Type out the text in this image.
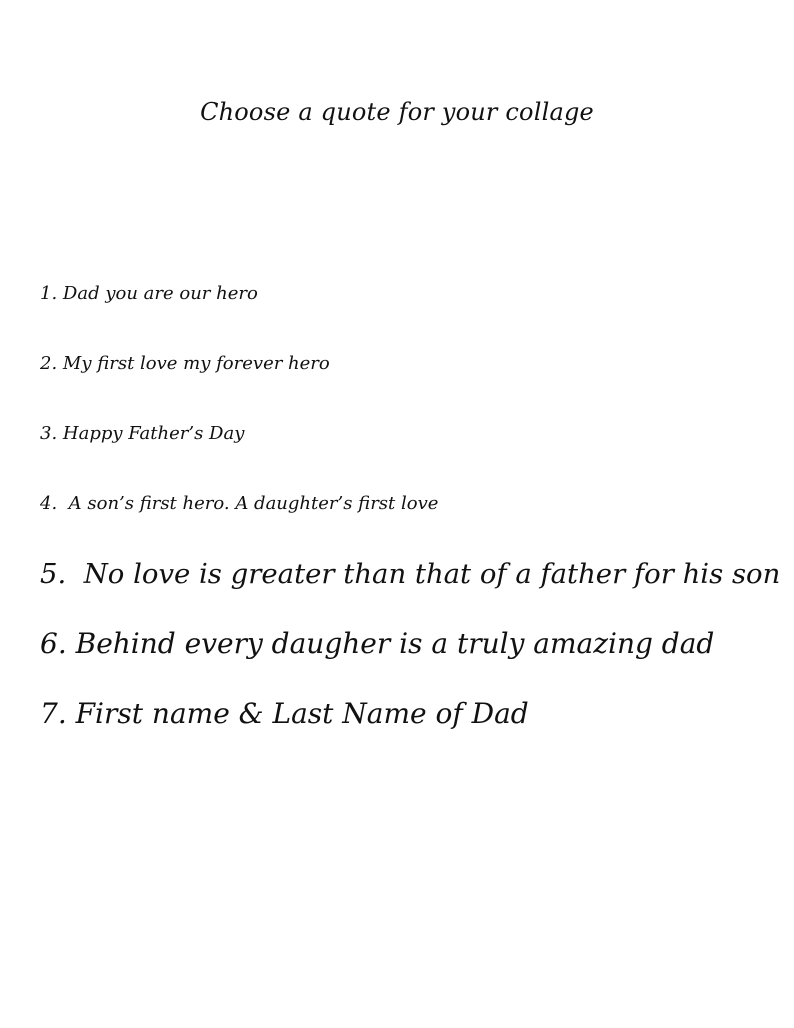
Choose a quote for your collage
1. Dad you are our hero
2. My first love my forever hero
3. Happy Father’s Day
4.  A son’s first hero. A daughter’s first love
5.  No love is greater than that of a father for his son
6. Behind every daugher is a truly amazing dad
7. First name & Last Name of Dad
